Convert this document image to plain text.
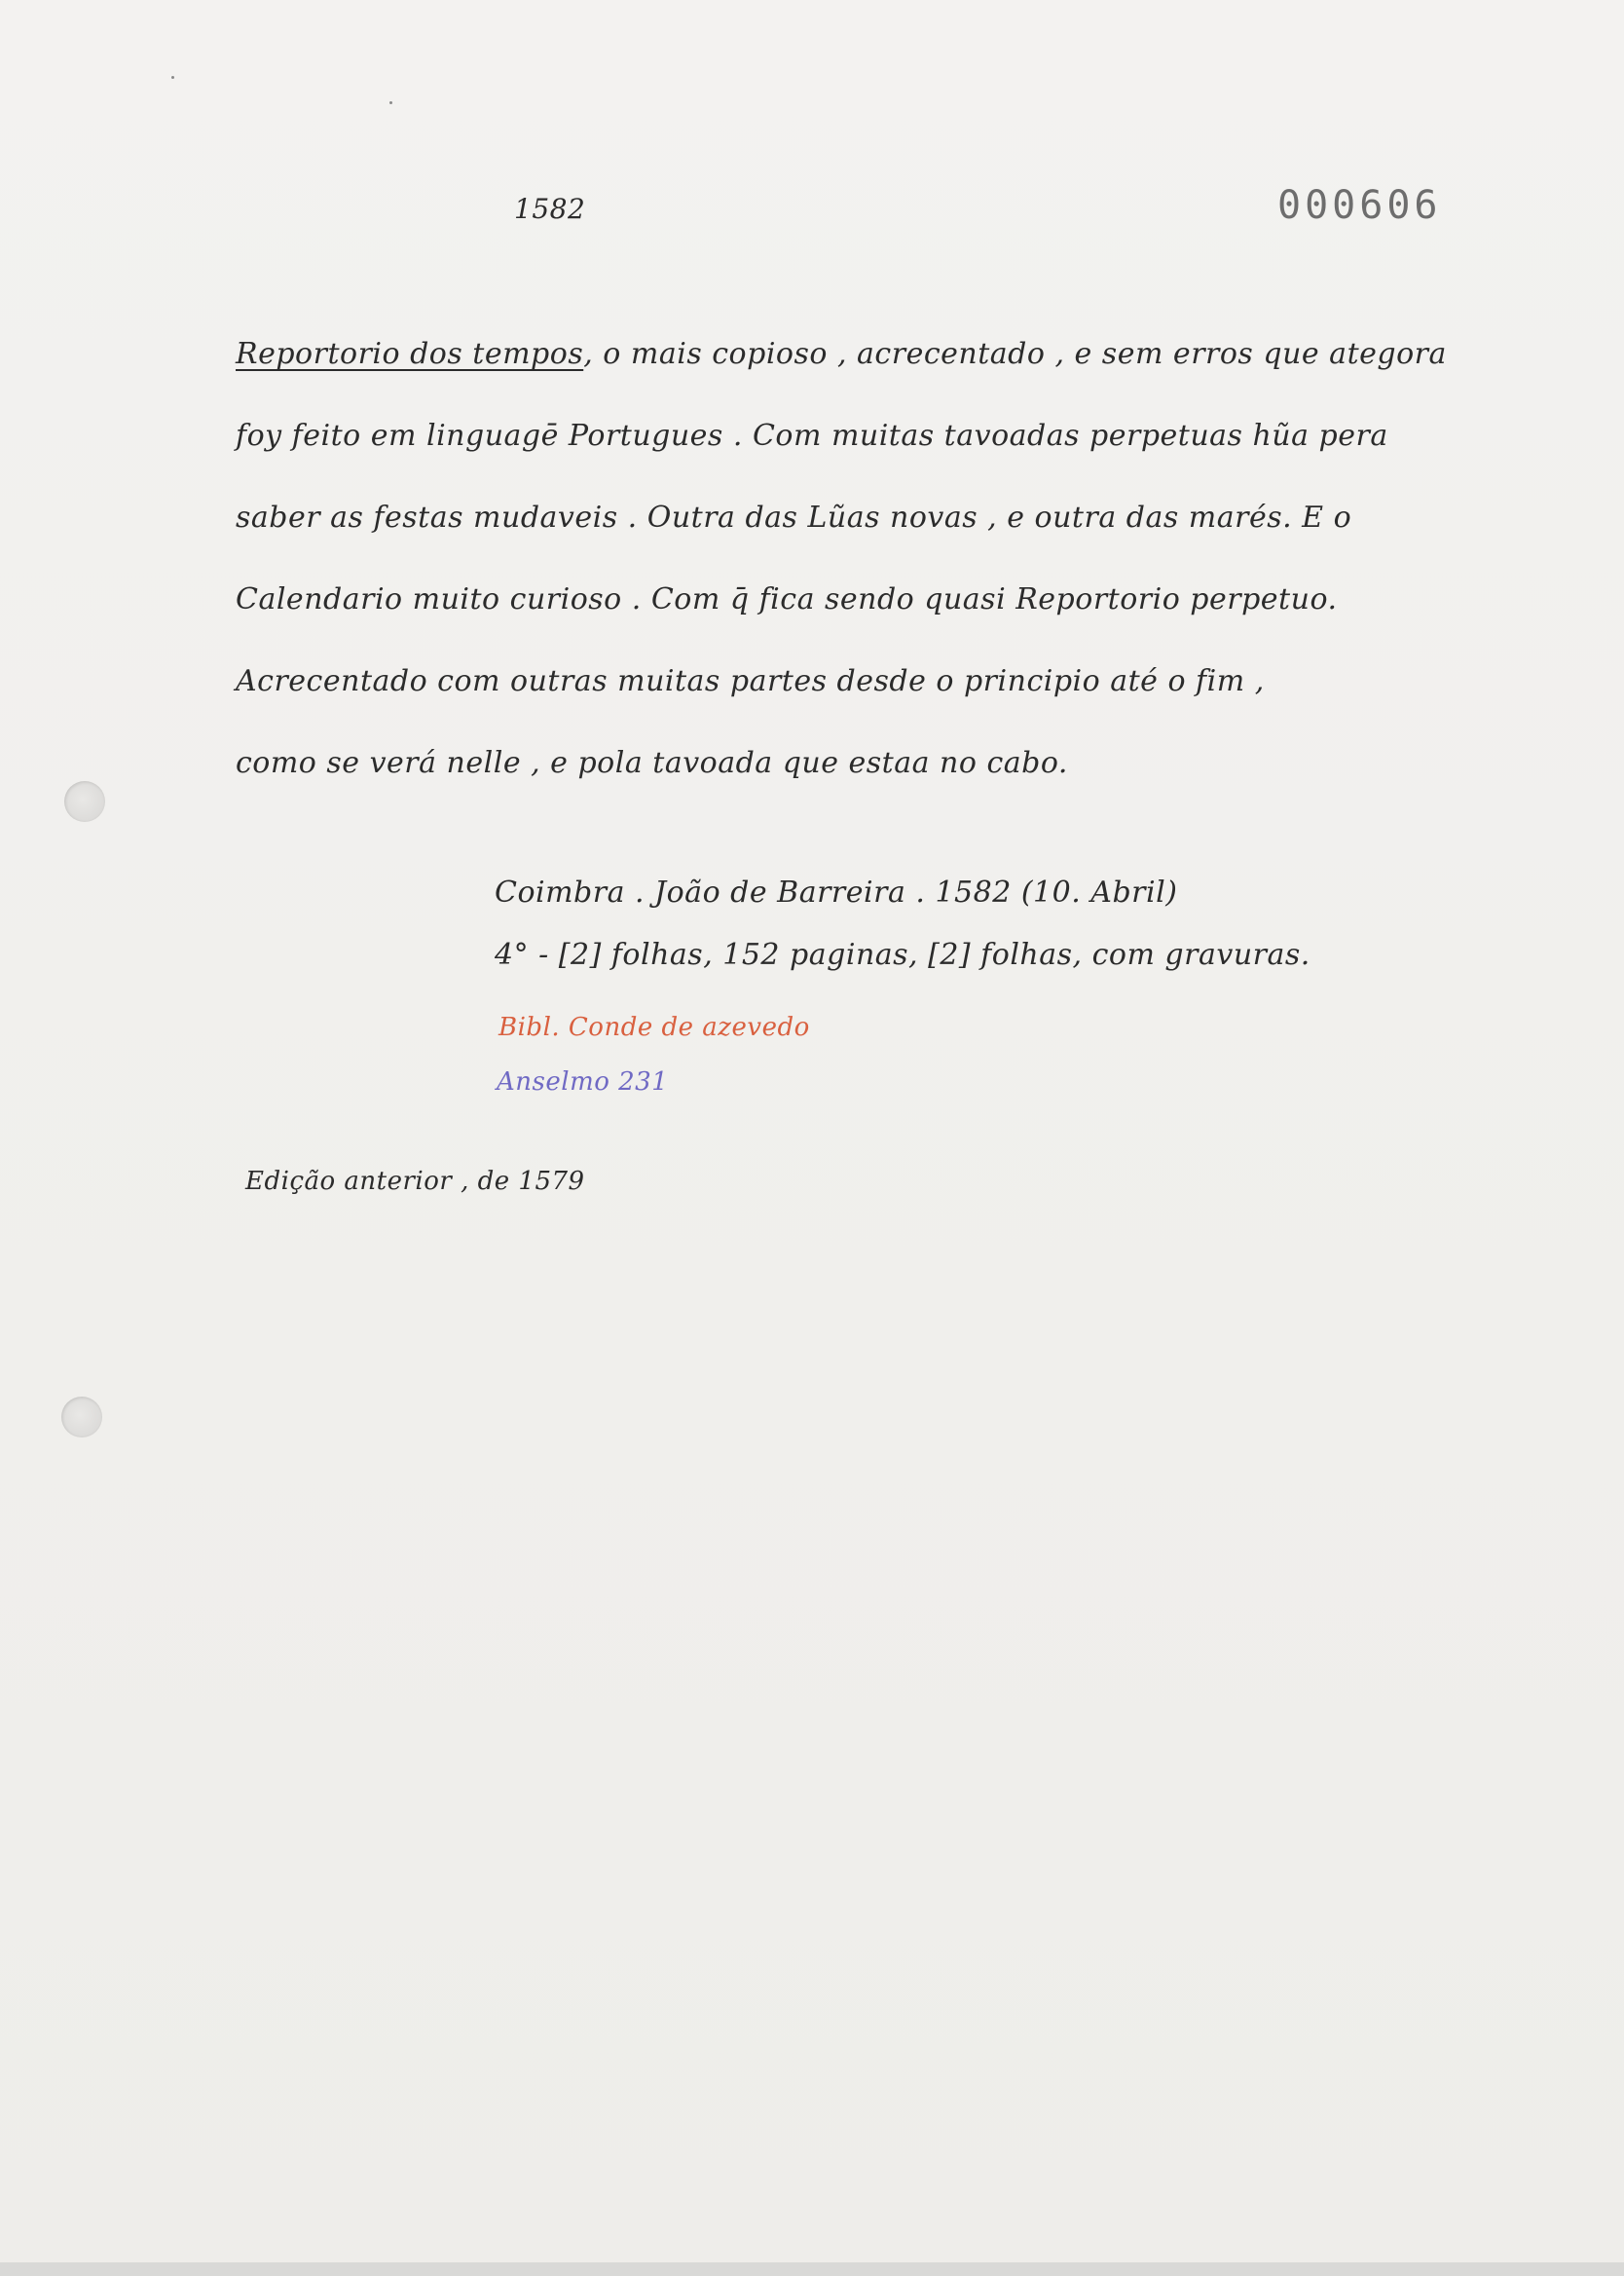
1582	000606

Reportorio dos tempos, o mais copioso , acrecentado , e sem erros que ategora

foy feito em linguagē Portugues . Com muitas tavoadas perpetuas hũa pera

saber as festas mudaveis . Outra das Lũas novas , e outra das marés. E o

Calendario muito curioso . Com q̄ fica sendo quasi Reportorio perpetuo.

Acrecentado com outras muitas partes desde o principio até o fim ,

como se verá nelle , e pola tavoada que estaa no cabo.

Coimbra . João de Barreira . 1582 (10. Abril)

4° - [2] folhas, 152 paginas, [2] folhas, com gravuras.

Bibl. Conde de azevedo
Anselmo 231
Edição anterior , de 1579
